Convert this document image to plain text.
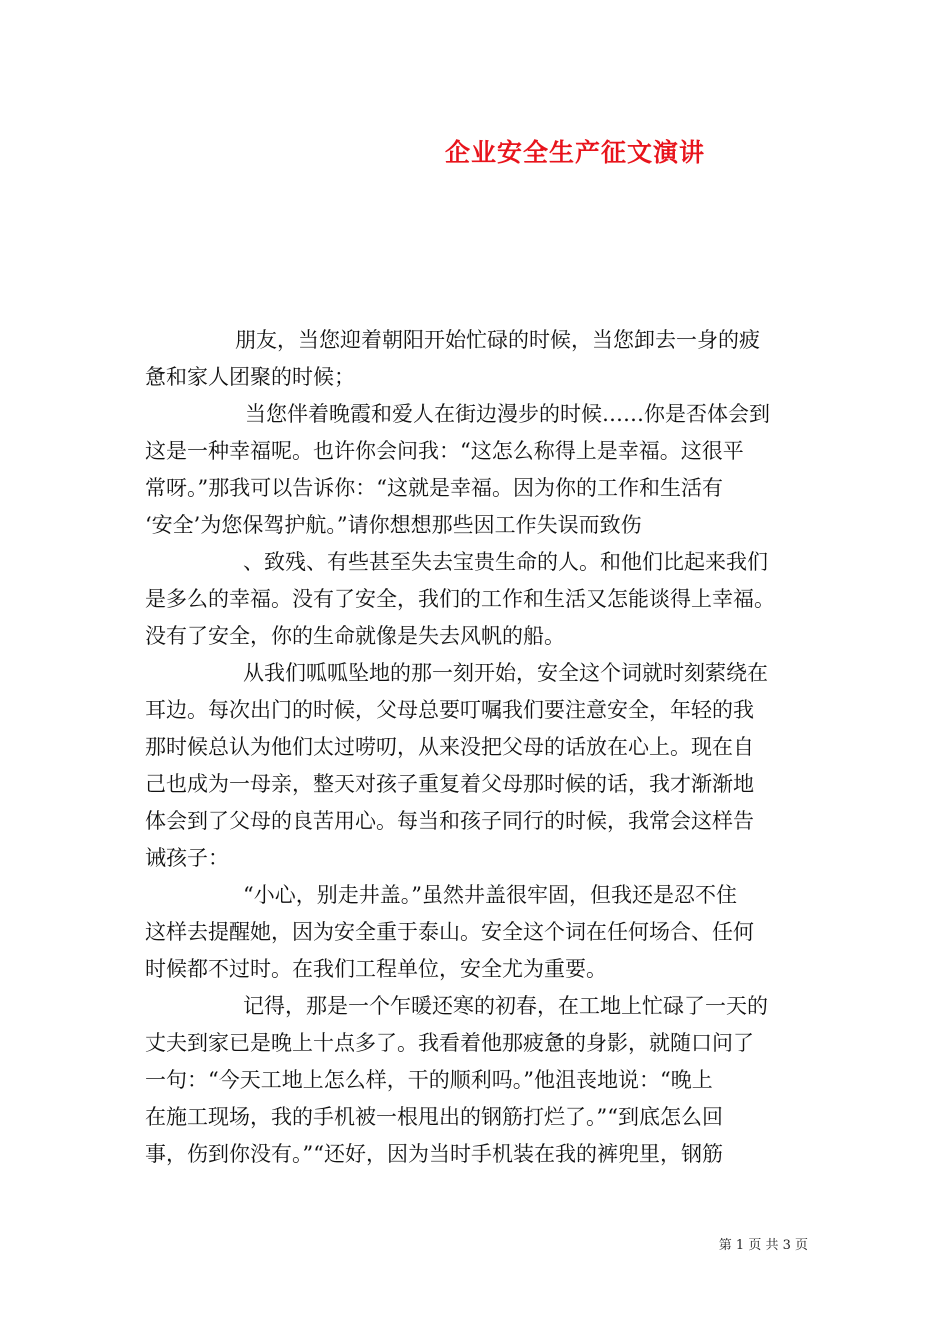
企业安全生产征文演讲
朋友，当您迎着朝阳开始忙碌的时候，当您卸去一身的疲
惫和家人团聚的时候；
当您伴着晚霞和爱人在街边漫步的时候……你是否体会到
这是一种幸福呢。也许你会问我：“这怎么称得上是幸福。这很平
常呀。”那我可以告诉你：“这就是幸福。因为你的工作和生活有
‘安全’为您保驾护航。”请你想想那些因工作失误而致伤
、致残、有些甚至失去宝贵生命的人。和他们比起来我们
是多么的幸福。没有了安全，我们的工作和生活又怎能谈得上幸福。
没有了安全，你的生命就像是失去风帆的船。
从我们呱呱坠地的那一刻开始，安全这个词就时刻萦绕在
耳边。每次出门的时候，父母总要叮嘱我们要注意安全，年轻的我
那时候总认为他们太过唠叨，从来没把父母的话放在心上。现在自
己也成为一母亲，整天对孩子重复着父母那时候的话，我才渐渐地
体会到了父母的良苦用心。每当和孩子同行的时候，我常会这样告
诫孩子：
“小心，别走井盖。”虽然井盖很牢固，但我还是忍不住
这样去提醒她，因为安全重于泰山。安全这个词在任何场合、任何
时候都不过时。在我们工程单位，安全尤为重要。
记得，那是一个乍暖还寒的初春，在工地上忙碌了一天的
丈夫到家已是晚上十点多了。我看着他那疲惫的身影，就随口问了
一句：“今天工地上怎么样，干的顺利吗。”他沮丧地说：“晚上
在施工现场，我的手机被一根甩出的钢筋打烂了。”“到底怎么回
事，伤到你没有。”“还好，因为当时手机装在我的裤兜里，钢筋
第 1 页 共 3 页
